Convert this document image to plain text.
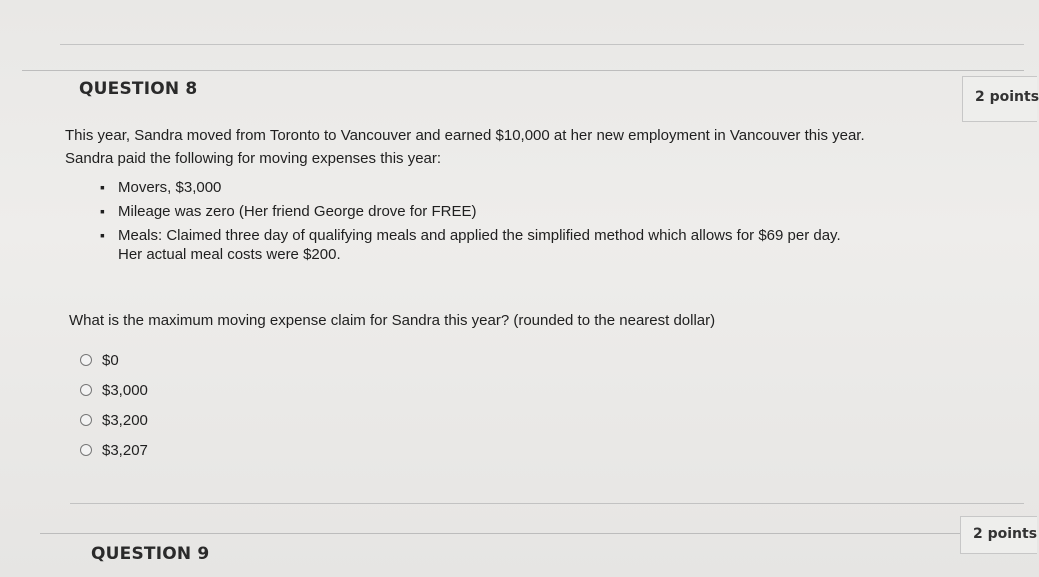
QUESTION 8	2 points

This year, Sandra moved from Toronto to Vancouver and earned $10,000 at her new employment in Vancouver this year.

Sandra paid the following for moving expenses this year:

▪ Movers, $3,000
▪ Mileage was zero (Her friend George drove for FREE)
▪ Meals: Claimed three day of qualifying meals and applied the simplified method which allows for $69 per day.
Her actual meal costs were $200.
What is the maximum moving expense claim for Sandra this year? (rounded to the nearest dollar)
$0
$3,000
$3,200
$3,207
2 points
QUESTION 9
